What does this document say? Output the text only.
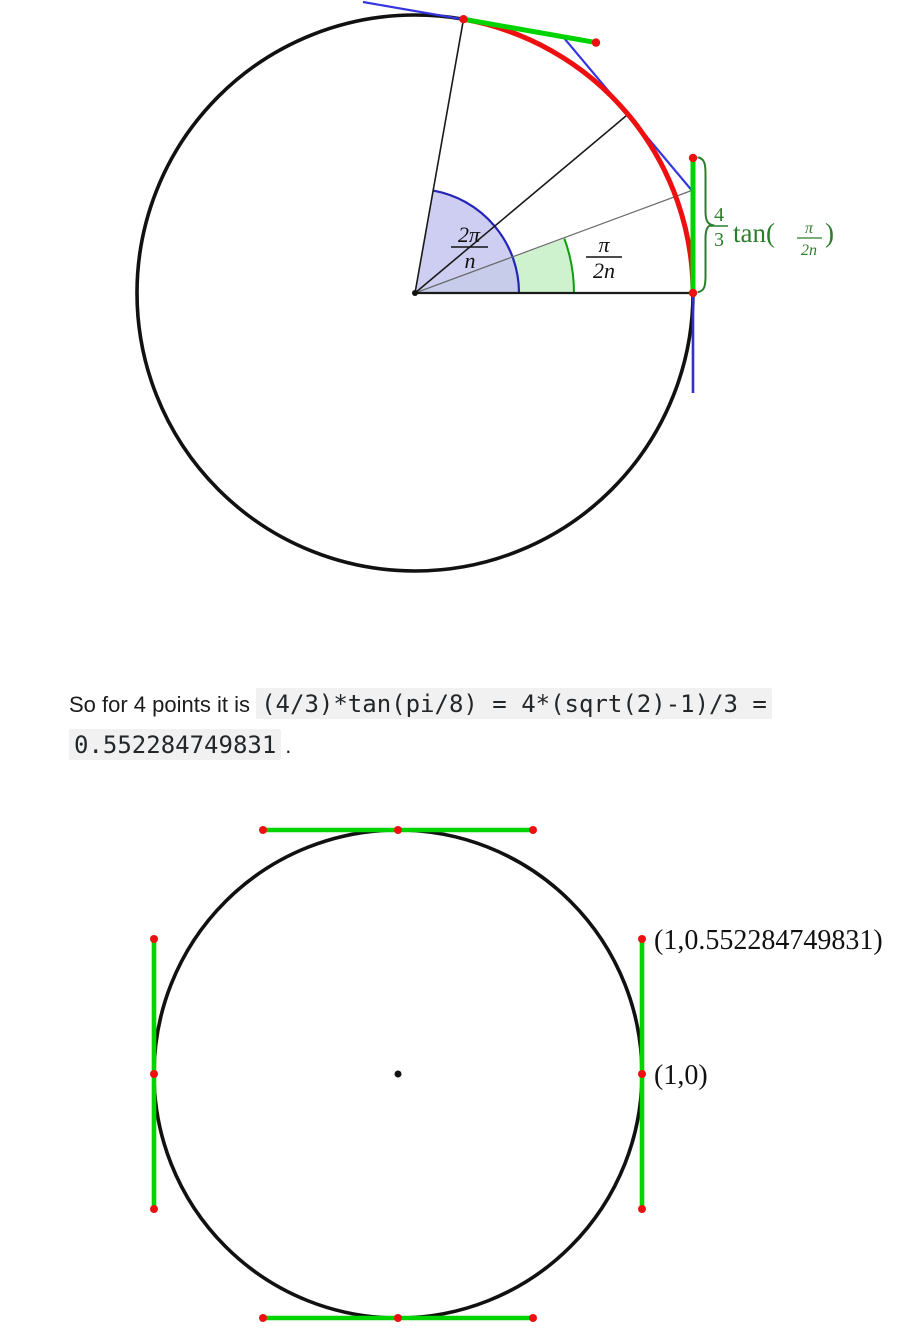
2π
n
π
2n
4
3 tan( π
2n
)

So for 4 points it is (4/3)*tan(pi/8) = 4*(sqrt(2)-1)/3 = 0.552284749831 .

(1,0.552284749831)
(1,0)
